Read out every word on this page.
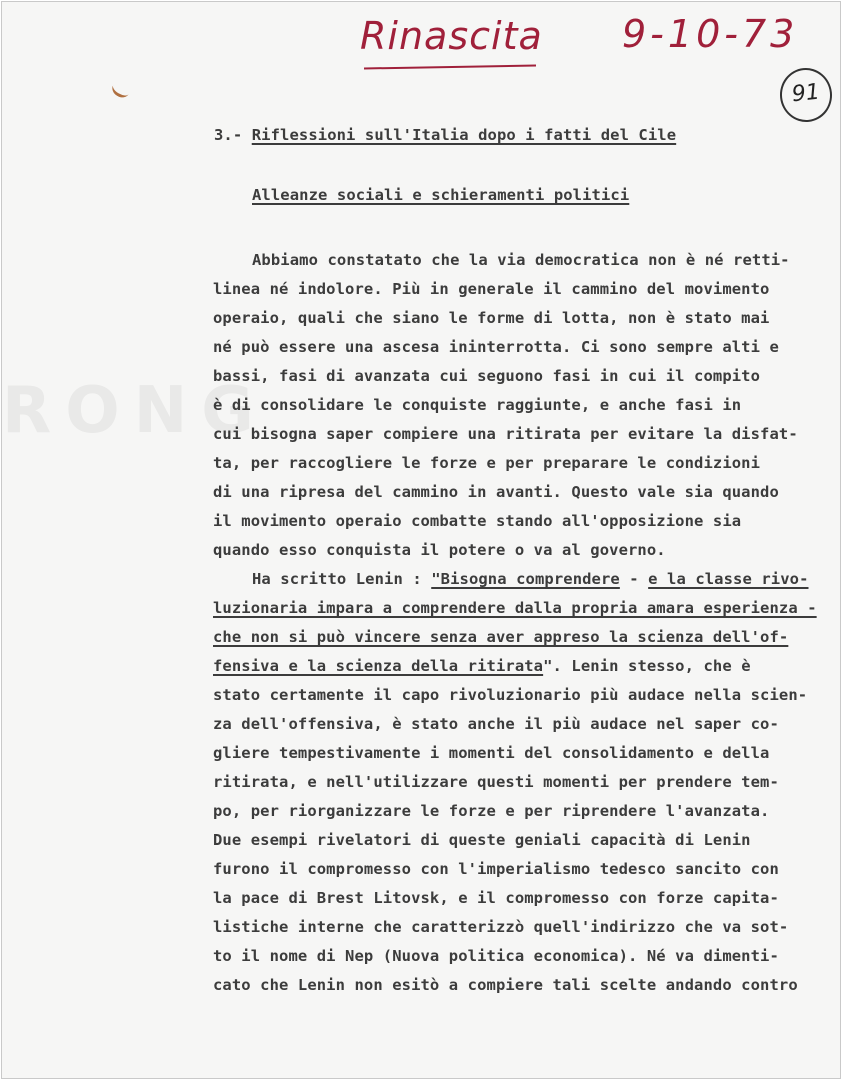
RONG
Rinascita 9-10-73
91
3.- Riflessioni sull'Italia dopo i fatti del Cile
Alleanze sociali e schieramenti politici
Abbiamo constatato che la via democratica non è né retti-
linea né indolore. Più in generale il cammino del movimento
operaio, quali che siano le forme di lotta, non è stato mai
né può essere una ascesa ininterrotta. Ci sono sempre alti e
bassi, fasi di avanzata cui seguono fasi in cui il compito
è di consolidare le conquiste raggiunte, e anche fasi in
cui bisogna saper compiere una ritirata per evitare la disfat-
ta, per raccogliere le forze e per preparare le condizioni
di una ripresa del cammino in avanti. Questo vale sia quando
il movimento operaio combatte stando all'opposizione sia
quando esso conquista il potere o va al governo.
Ha scritto Lenin : "Bisogna comprendere - e la classe rivo-
luzionaria impara a comprendere dalla propria amara esperienza -
che non si può vincere senza aver appreso la scienza dell'of-
fensiva e la scienza della ritirata". Lenin stesso, che è
stato certamente il capo rivoluzionario più audace nella scien-
za dell'offensiva, è stato anche il più audace nel saper co-
gliere tempestivamente i momenti del consolidamento e della
ritirata, e nell'utilizzare questi momenti per prendere tem-
po, per riorganizzare le forze e per riprendere l'avanzata.
Due esempi rivelatori di queste geniali capacità di Lenin
furono il compromesso con l'imperialismo tedesco sancito con
la pace di Brest Litovsk, e il compromesso con forze capita-
listiche interne che caratterizzò quell'indirizzo che va sot-
to il nome di Nep (Nuova politica economica). Né va dimenti-
cato che Lenin non esitò a compiere tali scelte andando contro
